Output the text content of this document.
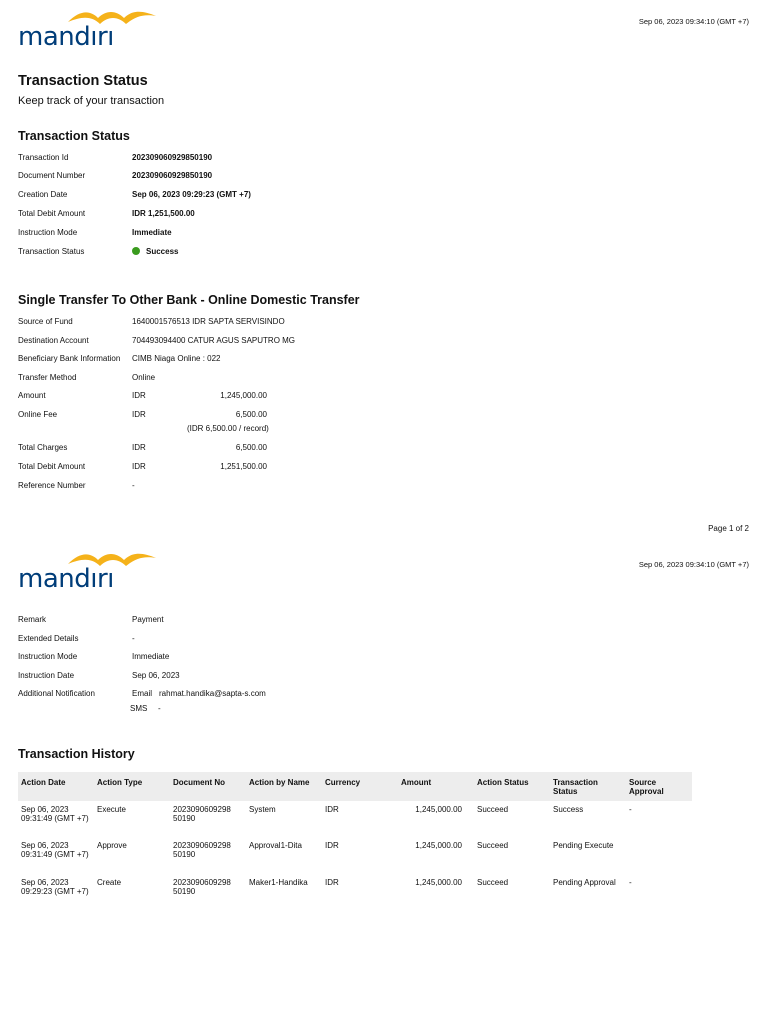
mandırı
Sep 06, 2023 09:34:10 (GMT +7)
Transaction Status
Keep track of your transaction
Transaction Status
Transaction Id	202309060929850190
Document Number	202309060929850190
Creation Date	Sep 06, 2023 09:29:23 (GMT +7)
Total Debit Amount	IDR 1,251,500.00
Instruction Mode	Immediate
Transaction Status	Success
Single Transfer To Other Bank - Online Domestic Transfer
Source of Fund	1640001576513 IDR SAPTA SERVISINDO
Destination Account	704493094400 CATUR AGUS SAPUTRO MG
Beneficiary Bank Information CIMB Niaga Online : 022
Transfer Method	Online
Amount	IDR	1,245,000.00
Online Fee	IDR	6,500.00
(IDR 6,500.00 / record)
Total Charges	IDR	6,500.00
Total Debit Amount	IDR	1,251,500.00
Reference Number	-
Page 1 of 2
mandırı	Sep 06, 2023 09:34:10 (GMT +7)
Remark	Payment
Extended Details	-
Instruction Mode	Immediate
Instruction Date	Sep 06, 2023
Additional Notification	Email rahmat.handika@sapta-s.com
SMS -
Transaction History
Action Date	Action Type	Document No	Action by Name	Currency	Amount	Action Status	Transaction Status	Source Approval
Sep 06, 2023 09:31:49 (GMT +7)	Execute	2023090609298 50190	System	IDR	1,245,000.00	Succeed	Success	-
Sep 06, 2023 09:31:49 (GMT +7)	Approve	2023090609298 50190	Approval1-Dita	IDR	1,245,000.00	Succeed	Pending Execute	
Sep 06, 2023 09:29:23 (GMT +7)	Create	2023090609298 50190	Maker1-Handika	IDR	1,245,000.00	Succeed	Pending Approval	-
